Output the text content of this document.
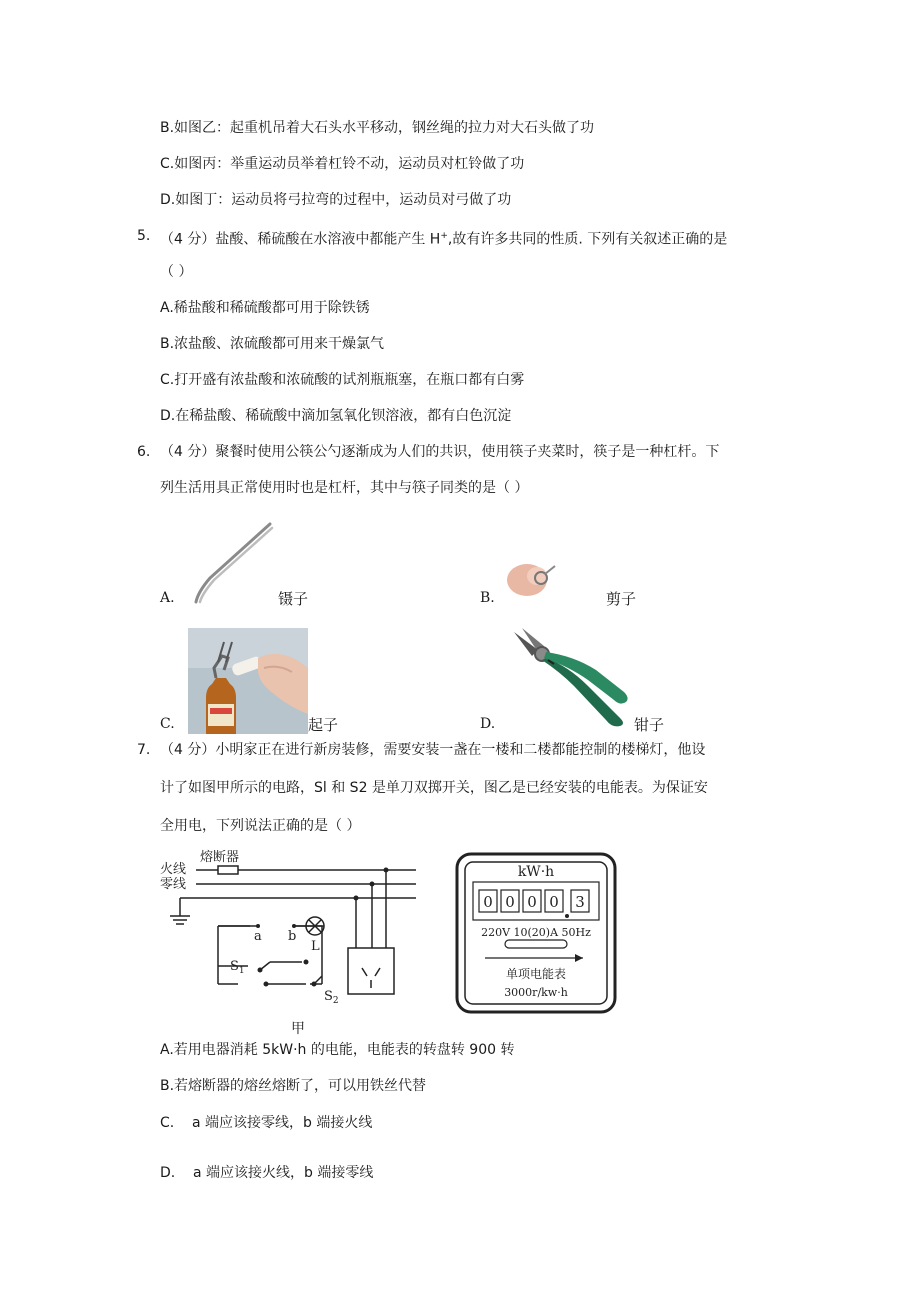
B.如图乙：起重机吊着大石头水平移动，钢丝绳的拉力对大石头做了功
C.如图丙：举重运动员举着杠铃不动，运动员对杠铃做了功
D.如图丁：运动员将弓拉弯的过程中，运动员对弓做了功
5. （4 分）盐酸、稀硫酸在水溶液中都能产生 H+,故有许多共同的性质. 下列有关叙述正确的是
（ ）
A.稀盐酸和稀硫酸都可用于除铁锈
B.浓盐酸、浓硫酸都可用来干燥氯气
C.打开盛有浓盐酸和浓硫酸的试剂瓶瓶塞，在瓶口都有白雾
D.在稀盐酸、稀硫酸中滴加氢氧化钡溶液，都有白色沉淀
6. （4 分）聚餐时使用公筷公勺逐渐成为人们的共识，使用筷子夹菜时，筷子是一种杠杆。下
列生活用具正常使用时也是杠杆，其中与筷子同类的是（ ）
A.	镊子	B.	剪子
C.	起子	D.	钳子
7. （4 分）小明家正在进行新房装修，需要安装一盏在一楼和二楼都能控制的楼梯灯，他设
计了如图甲所示的电路，Sl 和 S2 是单刀双掷开关，图乙是已经安装的电能表。为保证安
全用电，下列说法正确的是（ ）
火线
零线
熔断器
a b
L
$S_1$
$S_2$
甲
kW·h
0 0 0 0 3
220V 10(20)A 50Hz
单项电能表
3000r/kw·h
A.若用电器消耗 5kW·h 的电能，电能表的转盘转 900 转
B.若熔断器的熔丝熔断了，可以用铁丝代替
C.    a 端应该接零线，b 端接火线
D.    a 端应该接火线，b 端接零线
